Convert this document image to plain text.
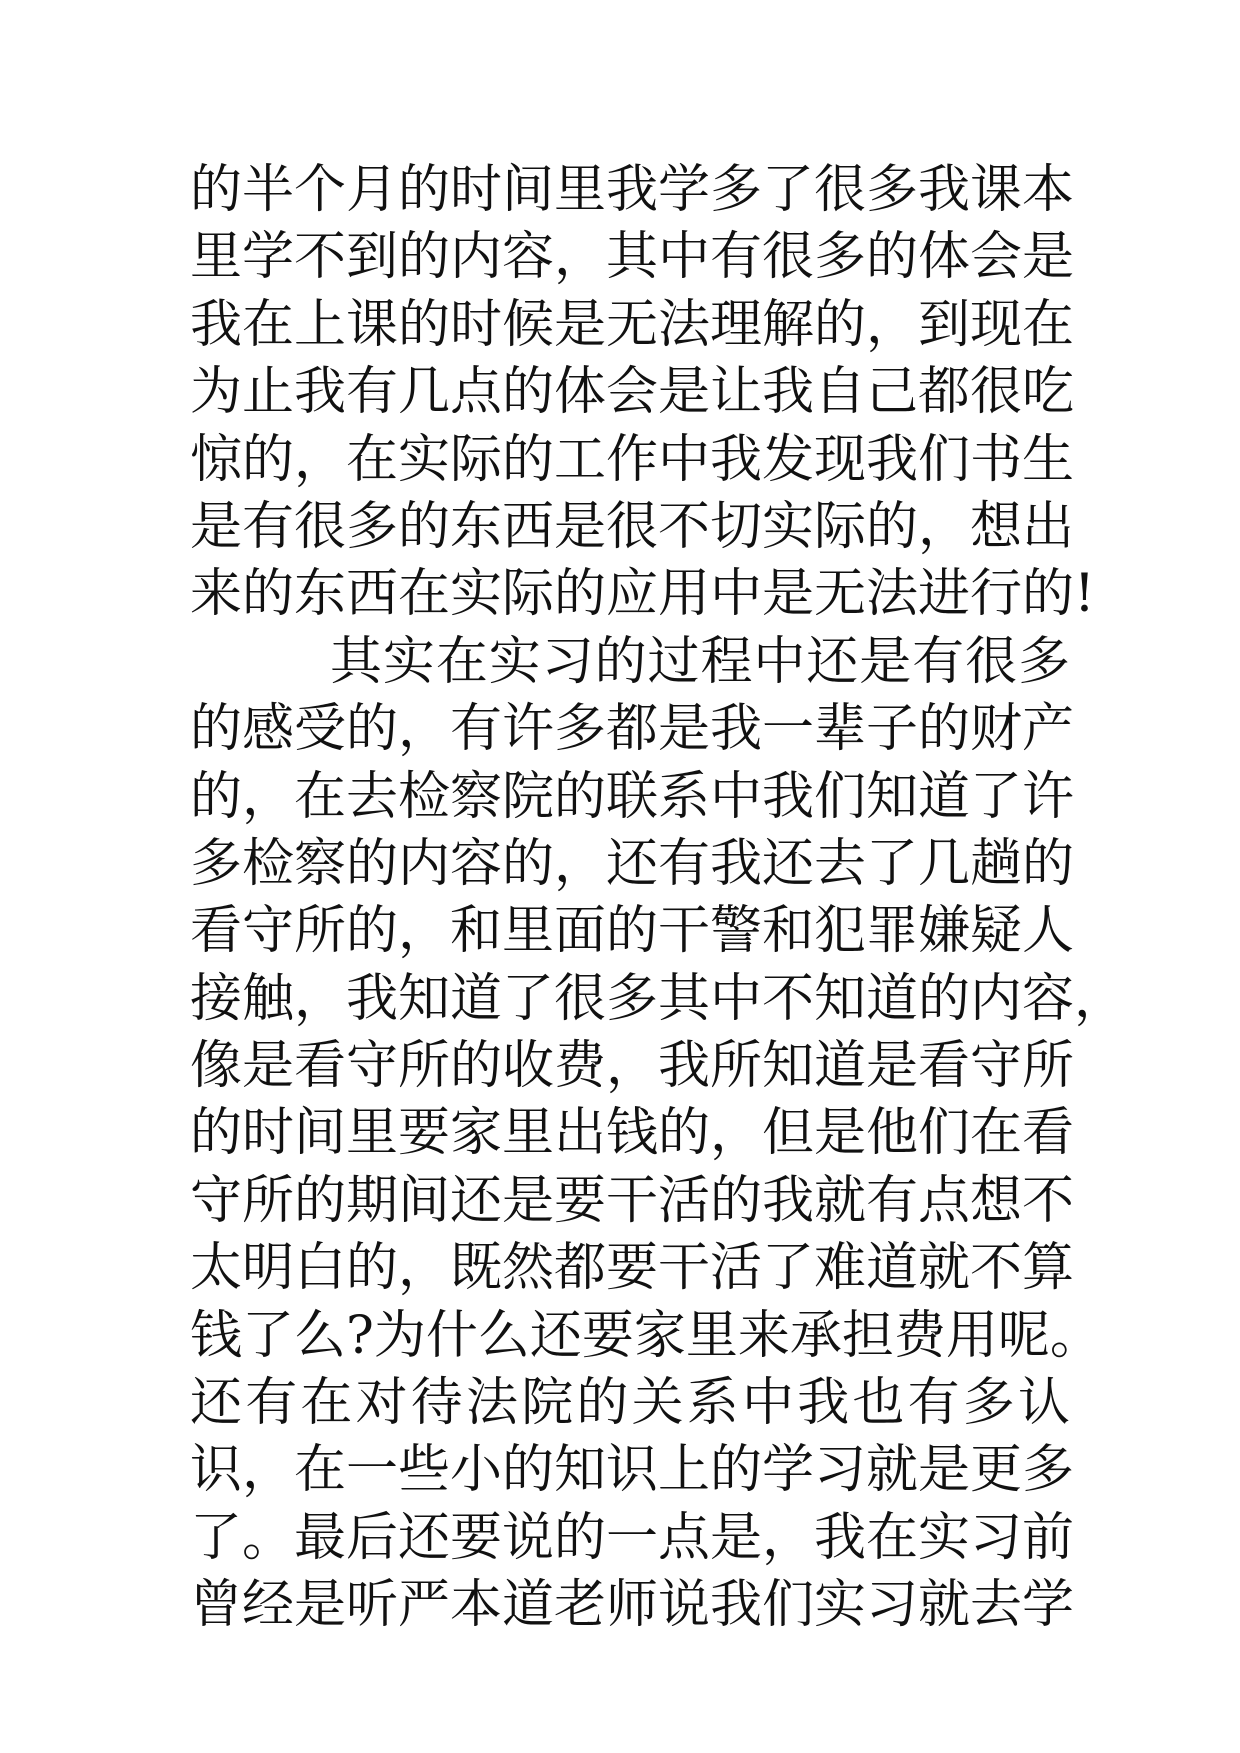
的半个月的时间里我学多了很多我课本
里学不到的内容，其中有很多的体会是
我在上课的时候是无法理解的，到现在
为止我有几点的体会是让我自己都很吃
惊的，在实际的工作中我发现我们书生
是有很多的东西是很不切实际的，想出
来的东西在实际的应用中是无法进行的!
其实在实习的过程中还是有很多
的感受的，有许多都是我一辈子的财产
的，在去检察院的联系中我们知道了许
多检察的内容的，还有我还去了几趟的
看守所的，和里面的干警和犯罪嫌疑人
接触，我知道了很多其中不知道的内容，
像是看守所的收费，我所知道是看守所
的时间里要家里出钱的，但是他们在看
守所的期间还是要干活的我就有点想不
太明白的，既然都要干活了难道就不算
钱了么?为什么还要家里来承担费用呢。
还有在对待法院的关系中我也有多认
识，在一些小的知识上的学习就是更多
了。最后还要说的一点是，我在实习前
曾经是听严本道老师说我们实习就去学
